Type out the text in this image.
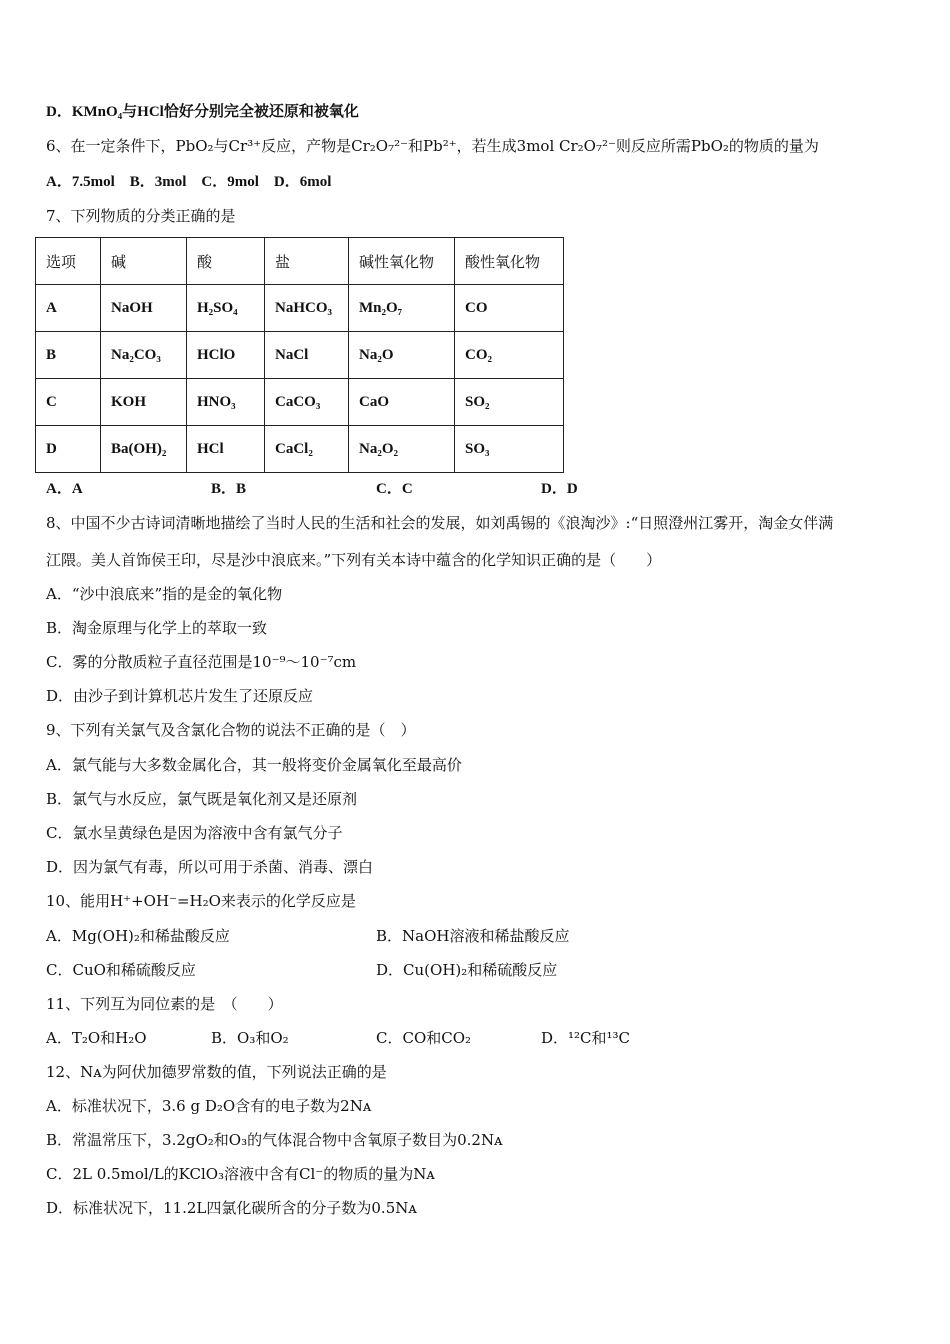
D．KMnO₄与HCl恰好分别完全被还原和被氧化
6、在一定条件下，PbO₂与Cr³⁺反应，产物是Cr₂O₇²⁻和Pb²⁺，若生成3mol Cr₂O₇²⁻则反应所需PbO₂的物质的量为
A．7.5mol　B．3mol　C．9mol　D．6mol
7、下列物质的分类正确的是
选项	碱	酸	盐	碱性氧化物	酸性氧化物
A	NaOH	H₂SO₄	NaHCO₃	Mn₂O₇	CO
B	Na₂CO₃	HClO	NaCl	Na₂O	CO₂
C	KOH	HNO₃	CaCO₃	CaO	SO₂
D	Ba(OH)₂	HCl	CaCl₂	Na₂O₂	SO₃
A．A	B．B	C．C	D．D
8、中国不少古诗词清晰地描绘了当时人民的生活和社会的发展，如刘禹锡的《浪淘沙》:“日照澄州江雾开，淘金女伴满
江隈。美人首饰侯王印，尽是沙中浪底来。”下列有关本诗中蕴含的化学知识正确的是（　　）
A．“沙中浪底来”指的是金的氧化物
B．淘金原理与化学上的萃取一致
C．雾的分散质粒子直径范围是10⁻⁹～10⁻⁷cm
D．由沙子到计算机芯片发生了还原反应
9、下列有关氯气及含氯化合物的说法不正确的是（　）
A．氯气能与大多数金属化合，其一般将变价金属氧化至最高价
B．氯气与水反应，氯气既是氧化剂又是还原剂
C．氯水呈黄绿色是因为溶液中含有氯气分子
D．因为氯气有毒，所以可用于杀菌、消毒、漂白
10、能用H⁺+OH⁻=H₂O来表示的化学反应是
A．Mg(OH)₂和稀盐酸反应	B．NaOH溶液和稀盐酸反应
C．CuO和稀硫酸反应	D．Cu(OH)₂和稀硫酸反应
11、下列互为同位素的是　（　　）
A．T₂O和H₂O	B．O₃和O₂	C．CO和CO₂	D．¹²C和¹³C
12、Nᴀ为阿伏加德罗常数的值，下列说法正确的是
A．标准状况下，3.6 g D₂O含有的电子数为2Nᴀ
B．常温常压下，3.2gO₂和O₃的气体混合物中含氧原子数目为0.2Nᴀ
C．2L 0.5mol/L的KClO₃溶液中含有Cl⁻的物质的量为Nᴀ
D．标准状况下，11.2L四氯化碳所含的分子数为0.5Nᴀ
